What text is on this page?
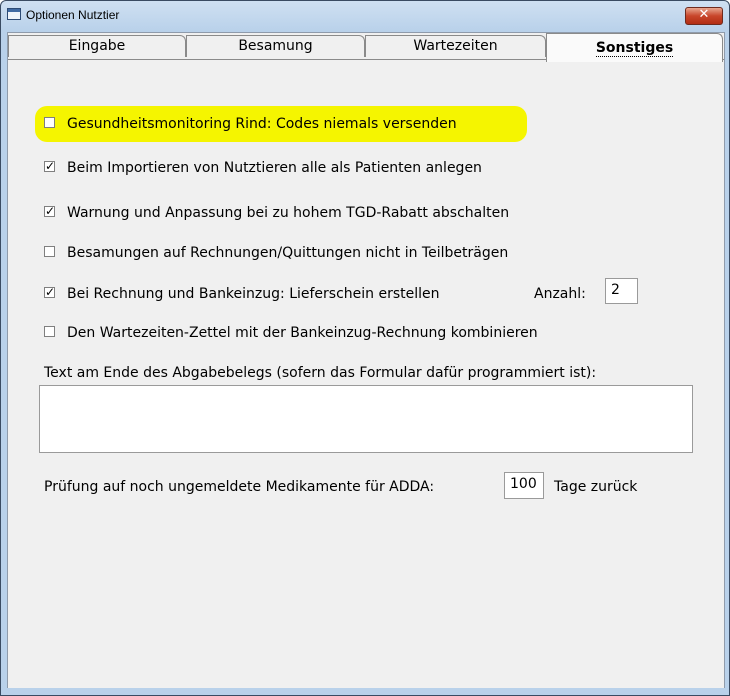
Optionen Nutztier	✕
Eingabe	Besamung	Wartezeiten	Sonstiges
Gesundheitsmonitoring Rind: Codes niemals versenden
✓ Beim Importieren von Nutztieren alle als Patienten anlegen
✓ Warnung und Anpassung bei zu hohem TGD-Rabatt abschalten
Besamungen auf Rechnungen/Quittungen nicht in Teilbeträgen
✓ Bei Rechnung und Bankeinzug: Lieferschein erstellen	Anzahl:	2
Den Wartezeiten-Zettel mit der Bankeinzug-Rechnung kombinieren
Text am Ende des Abgabebelegs (sofern das Formular dafür programmiert ist):
Prüfung auf noch ungemeldete Medikamente für ADDA:	100	Tage zurück
